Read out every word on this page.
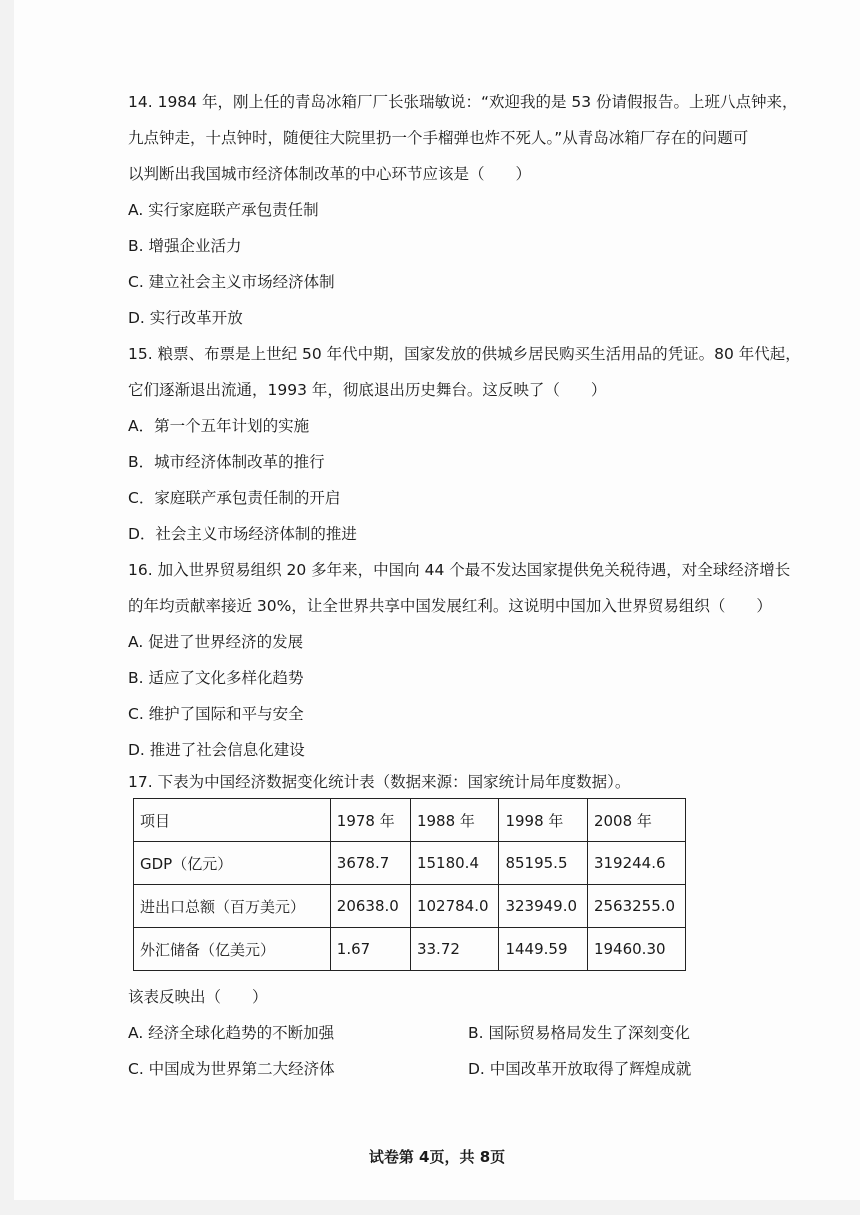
14. 1984 年，刚上任的青岛冰箱厂厂长张瑞敏说：“欢迎我的是 53 份请假报告。上班八点钟来，
九点钟走，十点钟时，随便往大院里扔一个手榴弹也炸不死人。”从青岛冰箱厂存在的问题可
以判断出我国城市经济体制改革的中心环节应该是（　　）
A. 实行家庭联产承包责任制
B. 增强企业活力
C. 建立社会主义市场经济体制
D. 实行改革开放
15. 粮票、布票是上世纪 50 年代中期，国家发放的供城乡居民购买生活用品的凭证。80 年代起，
它们逐渐退出流通，1993 年，彻底退出历史舞台。这反映了（　　）
A．第一个五年计划的实施
B．城市经济体制改革的推行
C．家庭联产承包责任制的开启
D．社会主义市场经济体制的推进
16. 加入世界贸易组织 20 多年来，中国向 44 个最不发达国家提供免关税待遇，对全球经济增长
的年均贡献率接近 30%，让全世界共享中国发展红利。这说明中国加入世界贸易组织（　　）
A. 促进了世界经济的发展
B. 适应了文化多样化趋势
C. 维护了国际和平与安全
D. 推进了社会信息化建设
17. 下表为中国经济数据变化统计表（数据来源：国家统计局年度数据）。
项目	1978 年	1988 年	1998 年	2008 年
GDP（亿元）	3678.7	15180.4	85195.5	319244.6
进出口总额（百万美元）	20638.0	102784.0	323949.0	2563255.0
外汇储备（亿美元）	1.67	33.72	1449.59	19460.30
该表反映出（　　）
A. 经济全球化趋势的不断加强	B. 国际贸易格局发生了深刻变化
C. 中国成为世界第二大经济体	D. 中国改革开放取得了辉煌成就
试卷第 4页，共 8页
